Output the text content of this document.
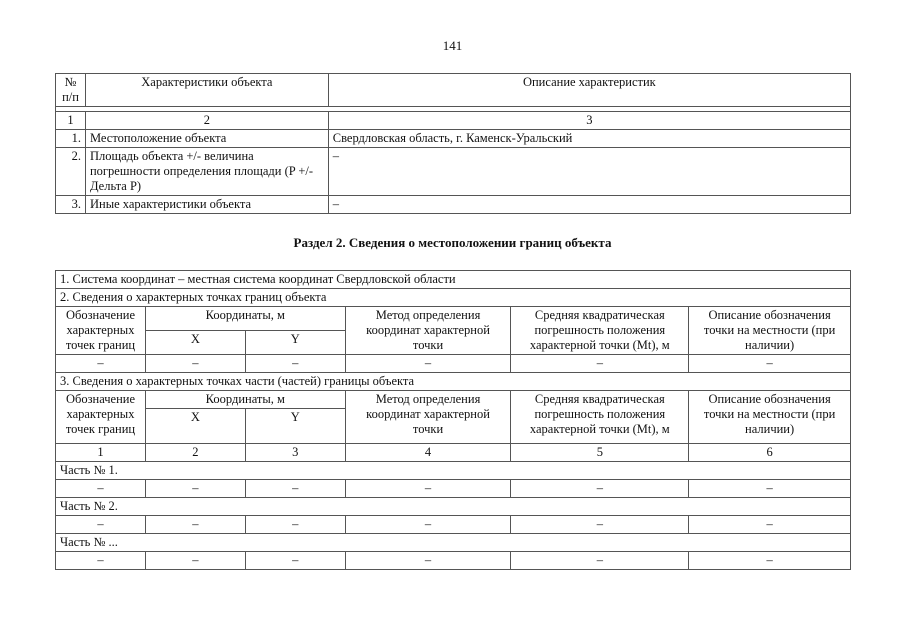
141
№ п/п	Характеристики объекта	Описание характеристик

1	2	3
1.	Местоположение объекта	Свердловская область, г. Каменск-Уральский
2.	Площадь объекта +/- величина погрешности определения площади (P +/- Дельта P)	–
3.	Иные характеристики объекта	–
Раздел 2. Сведения о местоположении границ объекта
1. Система координат – местная система координат Свердловской области					
2. Сведения о характерных точках границ объекта					
Обозначение характерных точек границ	Координаты, м		Метод определения координат характерной точки	Средняя квадратическая погрешность положения характерной точки (Mt), м	Описание обозначения точки на местности (при наличии)
	X	Y			
–	–	–	–	–	–
3. Сведения о характерных точках части (частей) границы объекта					
Обозначение характерных точек границ	Координаты, м		Метод определения координат характерной точки	Средняя квадратическая погрешность положения характерной точки (Mt), м	Описание обозначения точки на местности (при наличии)
	X	Y			
1	2	3	4	5	6
Часть № 1.					
–	–	–	–	–	–
Часть № 2.					
–	–	–	–	–	–
Часть № ...					
–	–	–	–	–	–
